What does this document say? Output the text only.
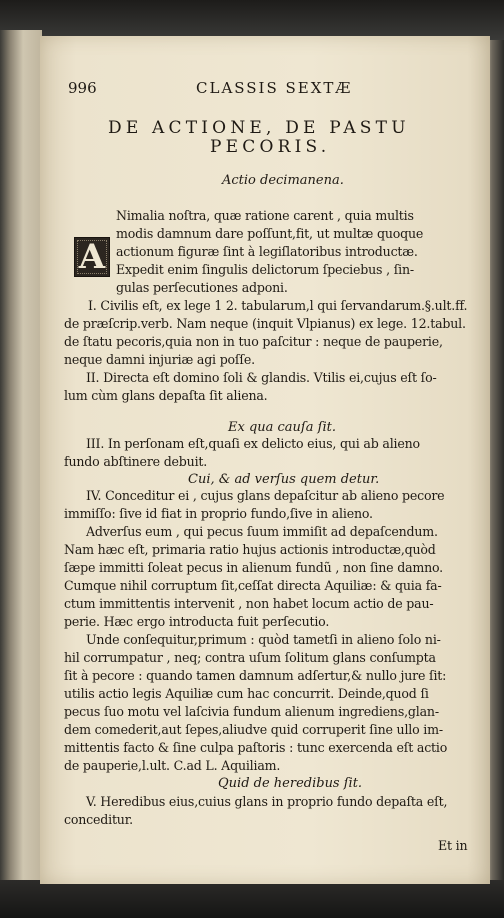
996	CLASSIS SEXTÆ
DE ACTIONE, DE PASTU
PECORIS.
Actio decimanena.
A
Nimalia noſtra, quæ ratione carent , quia multis
modis damnum dare poſſunt,fit, ut multæ quoque
actionum figuræ ſint à legiſlatoribus introductæ.
Expedit enim ſingulis delictorum ſpeciebus , ſin-
gulas perſecutiones adponi.
I. Civilis eſt, ex lege 1 2. tabularum,l qui ſervandarum.§.ult.ff.
de præſcrip.verb. Nam neque (inquit Vlpianus) ex lege. 12.tabul.
de ſtatu pecoris,quia non in tuo paſcitur : neque de pauperie,
neque damni injuriæ agi poſſe.
II. Directa eſt domino ſoli & glandis. Vtilis ei,cujus eſt ſo-
lum cùm glans depaſta ſit aliena.
Ex qua cauſa ſit.
III. In perſonam eſt,quaſi ex delicto eius, qui ab alieno
fundo abſtinere debuit.
Cui, & ad verſus quem detur.
IV. Conceditur ei , cujus glans depaſcitur ab alieno pecore
immiſſo: ſive id fiat in proprio fundo,ſive in alieno.
Adverſus eum , qui pecus ſuum immiſit ad depaſcendum.
Nam hæc eſt, primaria ratio hujus actionis introductæ,quòd
ſæpe immitti ſoleat pecus in alienum fundũ , non ſine damno.
Cumque nihil corruptum ſit,ceſſat directa Aquiliæ: & quia fa-
ctum immittentis intervenit , non habet locum actio de pau-
perie. Hæc ergo introducta fuit perſecutio.
Unde conſequitur,primum : quòd tametſi in alieno ſolo ni-
hil corrumpatur , neq; contra uſum ſolitum glans conſumpta
ſit à pecore : quando tamen damnum adſertur,& nullo jure ſit:
utilis actio legis Aquiliæ cum hac concurrit. Deinde,quod ſi
pecus ſuo motu vel laſcivia fundum alienum ingrediens,glan-
dem comederit,aut ſepes,aliudve quid corruperit ſine ullo im-
mittentis facto & ſine culpa paſtoris : tunc exercenda eſt actio
de pauperie,l.ult. C.ad L. Aquiliam.
Quid de heredibus ſit.
V. Heredibus eius,cuius glans in proprio fundo depaſta eſt,
conceditur.
Et in
